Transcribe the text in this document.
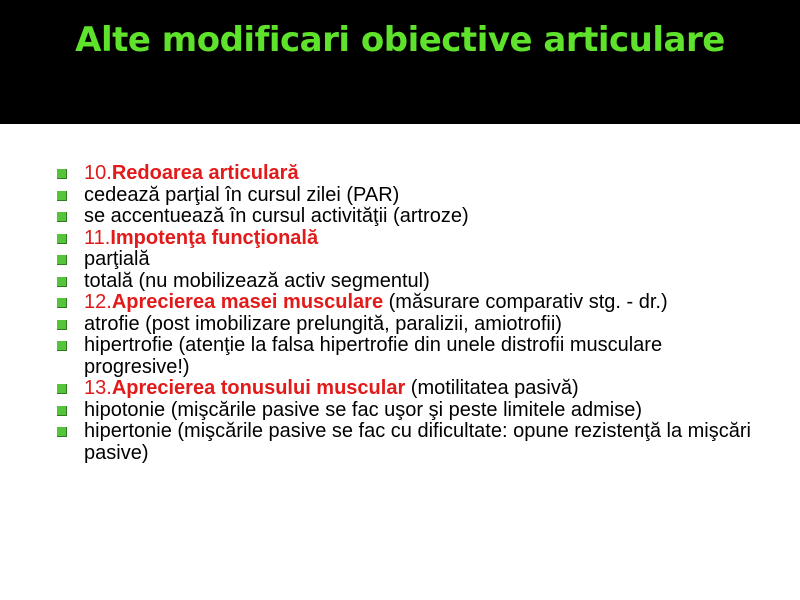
Alte modificari obiective articulare
10.Redoarea articulară
cedează parţial în cursul zilei (PAR)
se accentuează în cursul activităţii (artroze)
11.Impotenţa funcţională
parţială
totală (nu mobilizează activ segmentul)
12.Aprecierea masei musculare (măsurare comparativ stg. - dr.)
atrofie (post imobilizare prelungită, paralizii, amiotrofii)
hipertrofie (atenţie la falsa hipertrofie din unele distrofii musculare progresive!)
13.Aprecierea tonusului muscular (motilitatea pasivă)
hipotonie (mişcările pasive se fac uşor şi peste limitele admise)
hipertonie (mişcările pasive se fac cu dificultate: opune rezistenţă la mişcări pasive)
